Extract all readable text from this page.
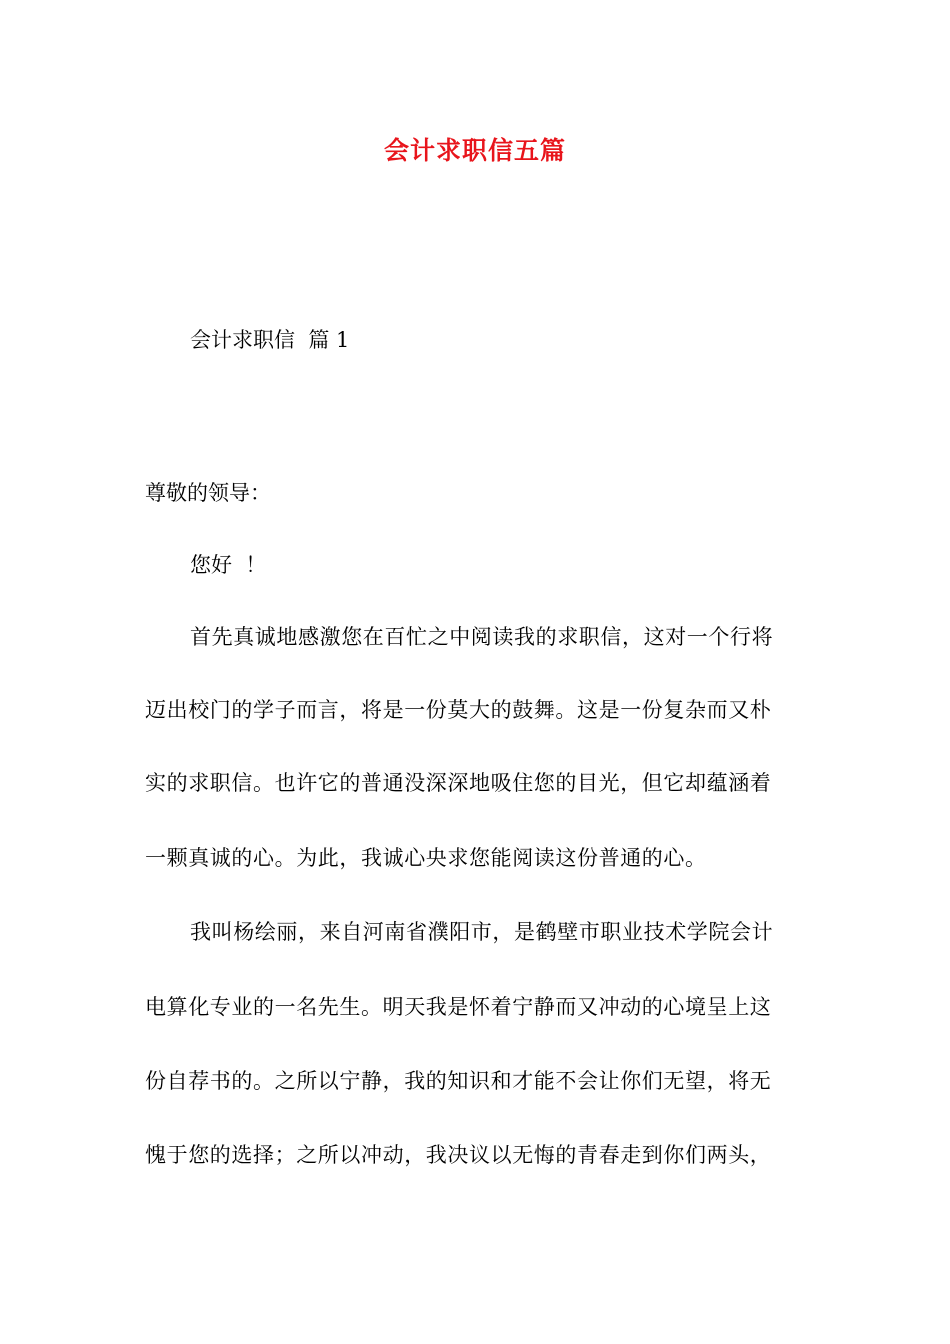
会计求职信五篇
会计求职信  篇 1
尊敬的领导：
您好  ！
首先真诚地感激您在百忙之中阅读我的求职信，这对一个行将
迈出校门的学子而言，将是一份莫大的鼓舞。这是一份复杂而又朴
实的求职信。也许它的普通没深深地吸住您的目光，但它却蕴涵着
一颗真诚的心。为此，我诚心央求您能阅读这份普通的心。
我叫杨绘丽，来自河南省濮阳市，是鹤壁市职业技术学院会计
电算化专业的一名先生。明天我是怀着宁静而又冲动的心境呈上这
份自荐书的。之所以宁静，我的知识和才能不会让你们无望，将无
愧于您的选择；之所以冲动，我决议以无悔的青春走到你们两头，
